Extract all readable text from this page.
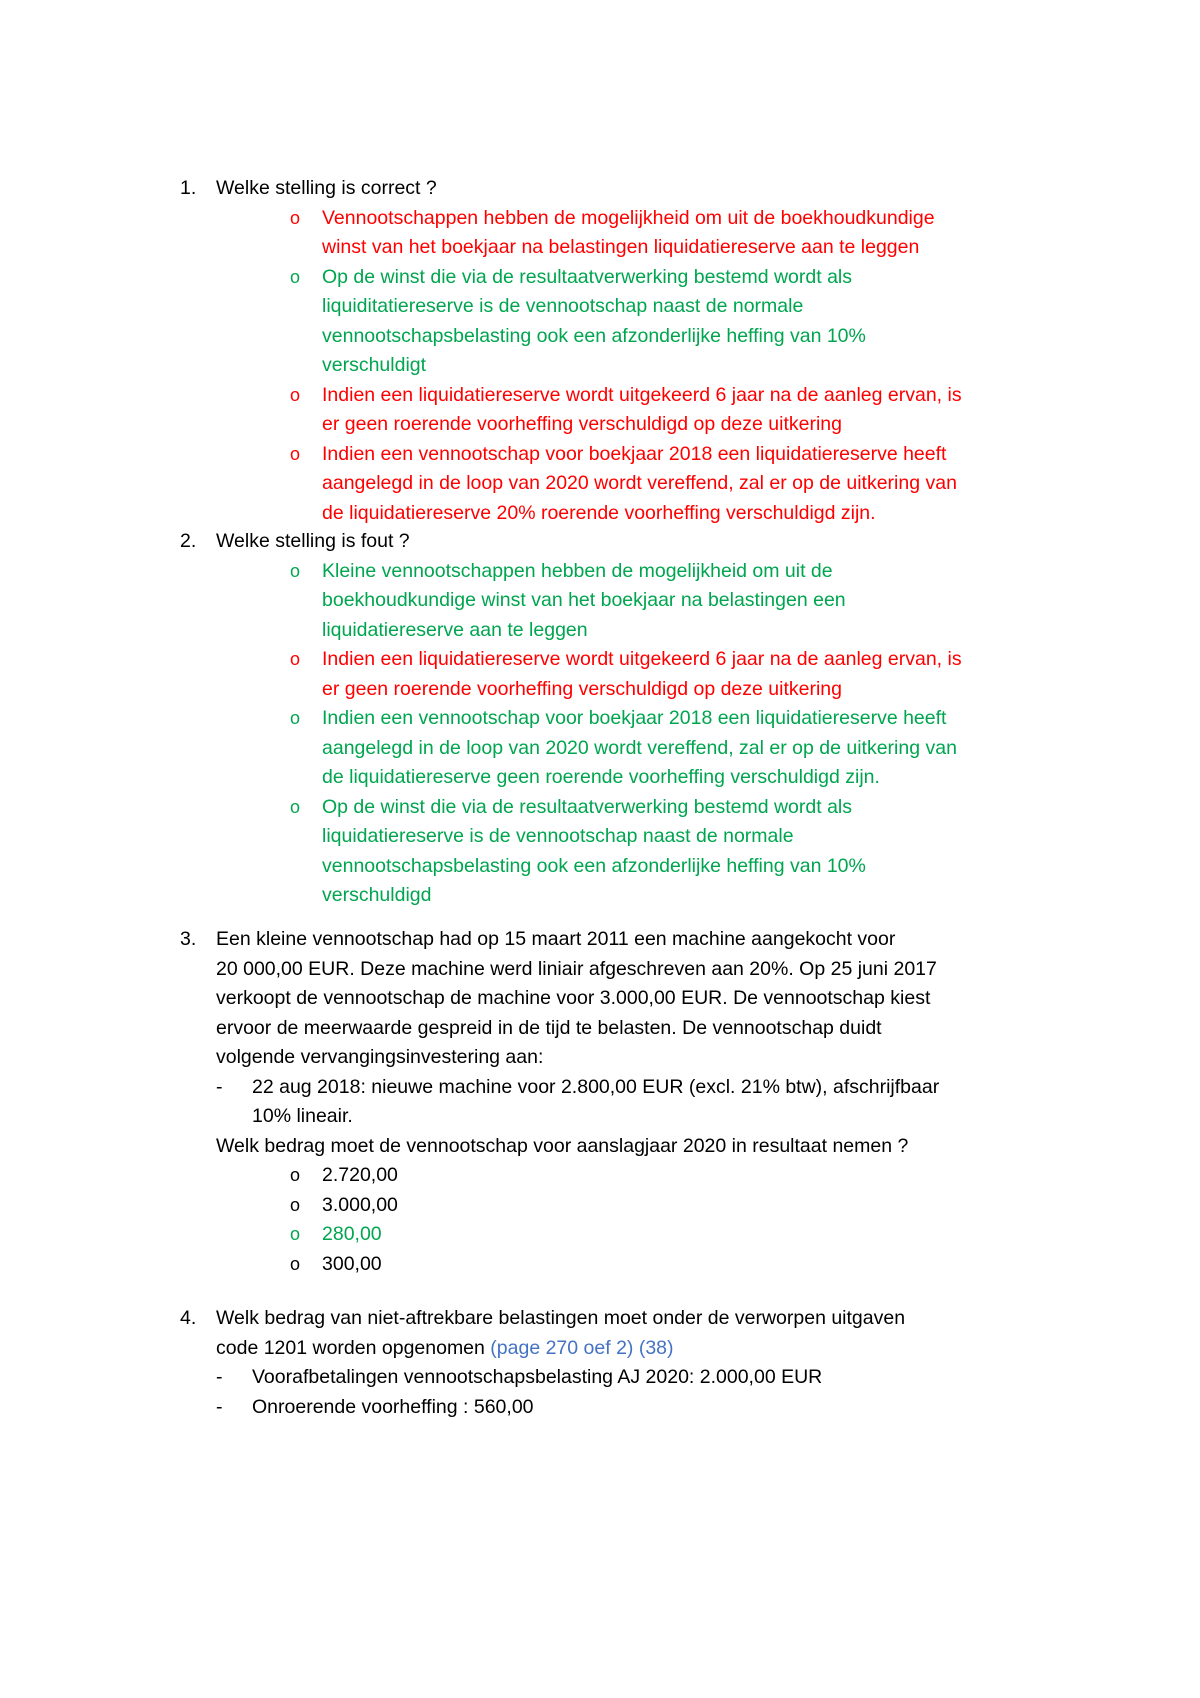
1. Welke stelling is correct ?
o Vennootschappen hebben de mogelijkheid om uit de boekhoudkundige
winst van het boekjaar na belastingen liquidatiereserve aan te leggen
o Op de winst die via de resultaatverwerking bestemd wordt als
liquiditatiereserve is de vennootschap naast de normale
vennootschapsbelasting ook een afzonderlijke heffing van 10%
verschuldigt
o Indien een liquidatiereserve wordt uitgekeerd 6 jaar na de aanleg ervan, is
er geen roerende voorheffing verschuldigd op deze uitkering
o Indien een vennootschap voor boekjaar 2018 een liquidatiereserve heeft
aangelegd in de loop van 2020 wordt vereffend, zal er op de uitkering van
de liquidatiereserve 20% roerende voorheffing verschuldigd zijn.
2. Welke stelling is fout ?
o Kleine vennootschappen hebben de mogelijkheid om uit de
boekhoudkundige winst van het boekjaar na belastingen een
liquidatiereserve aan te leggen
o Indien een liquidatiereserve wordt uitgekeerd 6 jaar na de aanleg ervan, is
er geen roerende voorheffing verschuldigd op deze uitkering
o Indien een vennootschap voor boekjaar 2018 een liquidatiereserve heeft
aangelegd in de loop van 2020 wordt vereffend, zal er op de uitkering van
de liquidatiereserve geen roerende voorheffing verschuldigd zijn.
o Op de winst die via de resultaatverwerking bestemd wordt als
liquidatiereserve is de vennootschap naast de normale
vennootschapsbelasting ook een afzonderlijke heffing van 10%
verschuldigd
3. Een kleine vennootschap had op 15 maart 2011 een machine aangekocht voor
20 000,00 EUR. Deze machine werd liniair afgeschreven aan 20%. Op 25 juni 2017
verkoopt de vennootschap de machine voor 3.000,00 EUR. De vennootschap kiest
ervoor de meerwaarde gespreid in de tijd te belasten. De vennootschap duidt
volgende vervangingsinvestering aan:
- 22 aug 2018: nieuwe machine voor 2.800,00 EUR (excl. 21% btw), afschrijfbaar
10% lineair.
Welk bedrag moet de vennootschap voor aanslagjaar 2020 in resultaat nemen ?
o 2.720,00
o 3.000,00
o 280,00
o 300,00
4. Welk bedrag van niet-aftrekbare belastingen moet onder de verworpen uitgaven
code 1201 worden opgenomen (page 270 oef 2) (38)
- Voorafbetalingen vennootschapsbelasting AJ 2020: 2.000,00 EUR
- Onroerende voorheffing : 560,00
